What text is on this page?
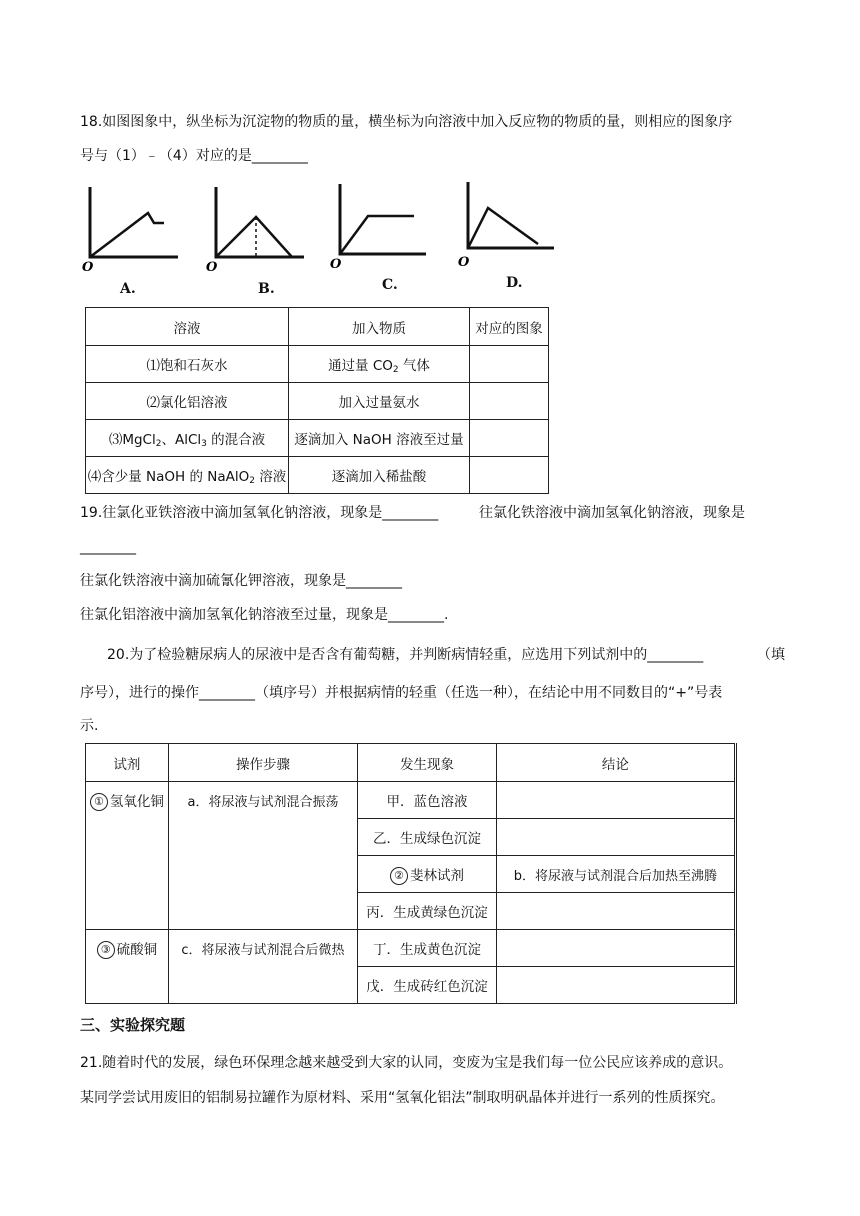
18.如图图象中，纵坐标为沉淀物的物质的量，横坐标为向溶液中加入反应物的物质的量，则相应的图象序
号与（1）﹣（4）对应的是________
O
A.
O
B.
O
C.
O
D.
溶液	加入物质	对应的图象
⑴饱和石灰水	通过量 $CO_2$ 气体	
⑵氯化铝溶液	加入过量氨水	
⑶MgCl$_2$、AlCl$_3$ 的混合液	逐滴加入 NaOH 溶液至过量	
⑷含少量 NaOH 的 NaAlO$_2$ 溶液	逐滴加入稀盐酸	
19.往氯化亚铁溶液中滴加氢氧化钠溶液，现象是________	往氯化铁溶液中滴加氢氧化钠溶液，现象是
________
往氯化铁溶液中滴加硫氰化钾溶液，现象是________
往氯化铝溶液中滴加氢氧化钠溶液至过量，现象是________.
20.为了检验糖尿病人的尿液中是否含有葡萄糖，并判断病情轻重，应选用下列试剂中的________	（填
序号），进行的操作________（填序号）并根据病情的轻重（任选一种），在结论中用不同数目的“+”号表
示.
试剂	操作步骤	发生现象	结论
① 氢氧化铜	a．将尿液与试剂混合振荡	甲．蓝色溶液	
		乙．生成绿色沉淀	
		② 斐林试剂	b．将尿液与试剂混合后加热至沸腾
		丙．生成黄绿色沉淀	
③ 硫酸铜	c．将尿液与试剂混合后微热	丁．生成黄色沉淀	
		戊．生成砖红色沉淀	
三、实验探究题
21.随着时代的发展，绿色环保理念越来越受到大家的认同，变废为宝是我们每一位公民应该养成的意识。
某同学尝试用废旧的铝制易拉罐作为原材料、采用“氢氧化铝法”制取明矾晶体并进行一系列的性质探究。
